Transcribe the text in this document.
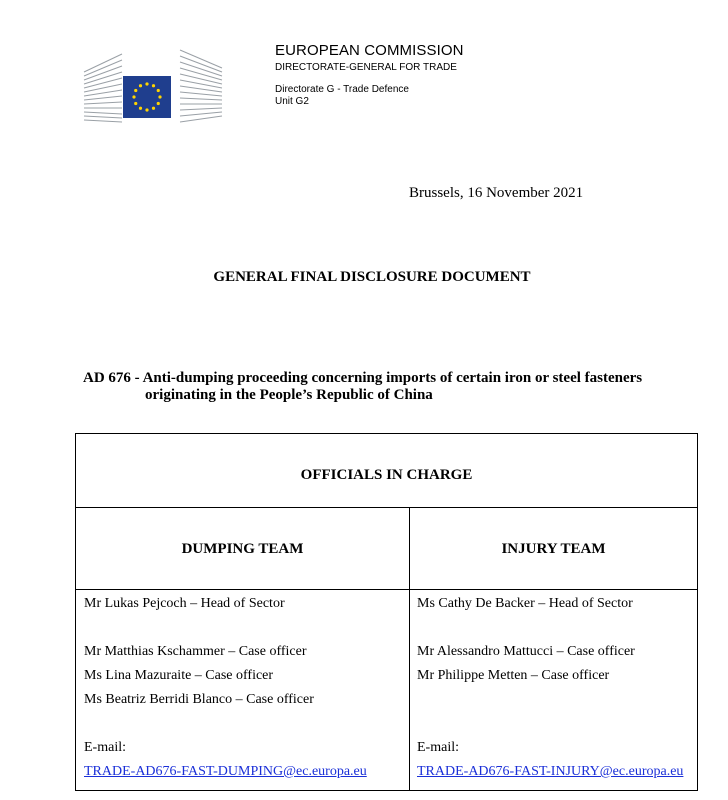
EUROPEAN COMMISSION
DIRECTORATE-GENERAL FOR TRADE
Directorate G - Trade Defence
Unit G2
Brussels, 16 November 2021
GENERAL FINAL DISCLOSURE DOCUMENT
AD 676 - Anti-dumping proceeding concerning imports of certain iron or steel fasteners
originating in the People’s Republic of China
OFFICIALS IN CHARGE
DUMPING TEAM	INJURY TEAM
Mr Lukas Pejcoch – Head of Sector
Mr Matthias Kschammer – Case officer
Ms Lina Mazuraite – Case officer
Ms Beatriz Berridi Blanco – Case officer
E-mail:
TRADE-AD676-FAST-DUMPING@ec.europa.eu
Ms Cathy De Backer – Head of Sector
Mr Alessandro Mattucci – Case officer
Mr Philippe Metten – Case officer
E-mail:
TRADE-AD676-FAST-INJURY@ec.europa.eu
